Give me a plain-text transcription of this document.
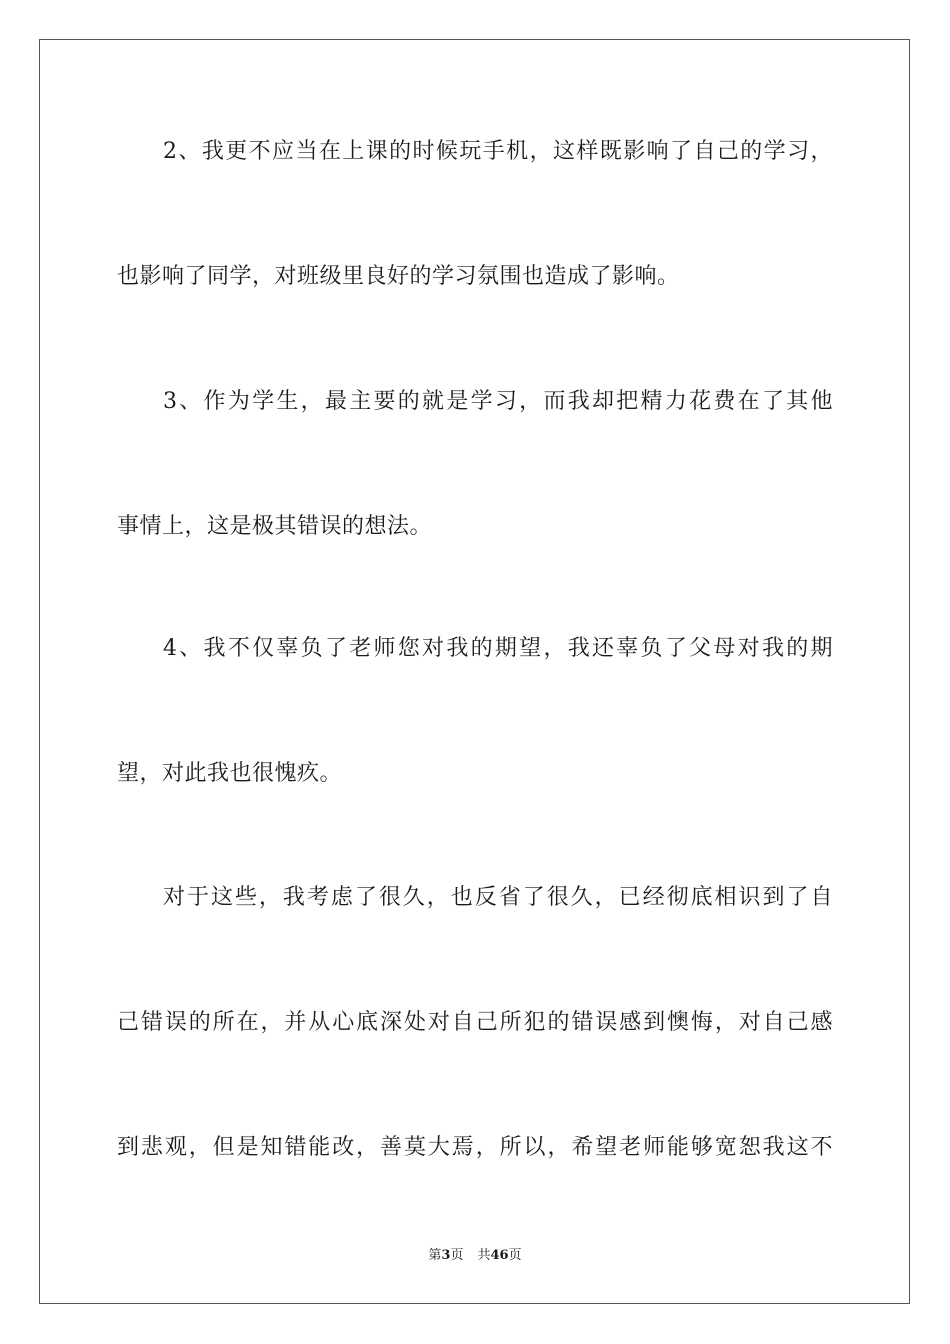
2、我更不应当在上课的时候玩手机，这样既影响了自己的学习，
也影响了同学，对班级里良好的学习氛围也造成了影响。
3、作为学生，最主要的就是学习，而我却把精力花费在了其他
事情上，这是极其错误的想法。
4、我不仅辜负了老师您对我的期望，我还辜负了父母对我的期
望，对此我也很愧疚。
对于这些，我考虑了很久，也反省了很久，已经彻底相识到了自
己错误的所在，并从心底深处对自己所犯的错误感到懊悔，对自己感
到悲观，但是知错能改，善莫大焉，所以，希望老师能够宽恕我这不
第3页 共46页
